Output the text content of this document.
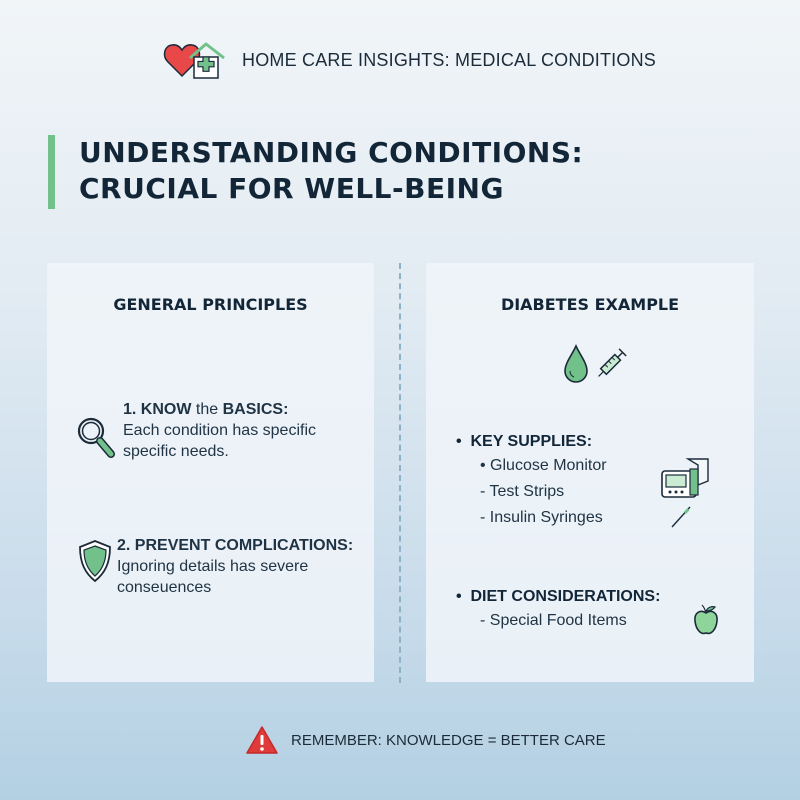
HOME CARE INSIGHTS: MEDICAL CONDITIONS
UNDERSTANDING CONDITIONS:
CRUCIAL FOR WELL-BEING
GENERAL PRINCIPLES
1. KNOW the BASICS:
Each condition has specific specific needs.
2. PREVENT COMPLICATIONS:
Ignoring details has severe conseuences
DIABETES EXAMPLE
• KEY SUPPLIES:
• Glucose Monitor
- Test Strips
- Insulin Syringes
• DIET CONSIDERATIONS:
- Special Food Items
REMEMBER: KNOWLEDGE = BETTER CARE
